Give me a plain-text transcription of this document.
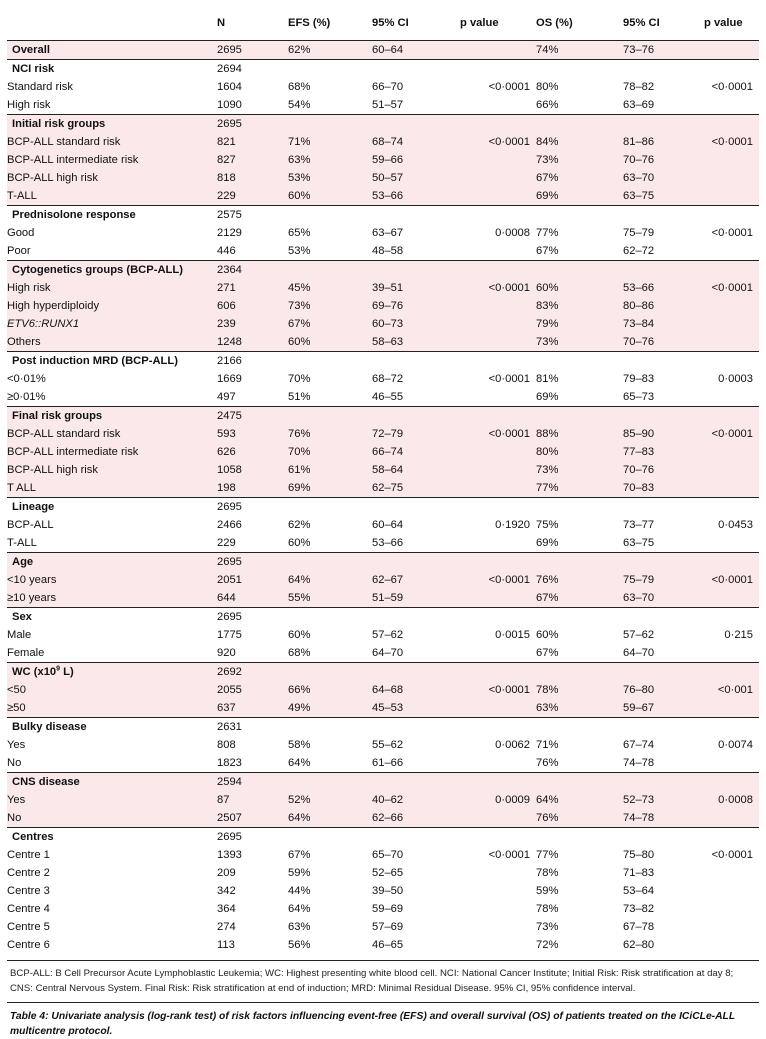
	N	EFS (%)	95% CI	p value	OS (%)	95% CI	p value
Overall	2695	62%	60–64		74%	73–76	
NCI risk	2694						
Standard risk	1604	68%	66–70	<0·0001	80%	78–82	<0·0001
High risk	1090	54%	51–57		66%	63–69	
Initial risk groups	2695						
BCP-ALL standard risk	821	71%	68–74	<0·0001	84%	81–86	<0·0001
BCP-ALL intermediate risk	827	63%	59–66		73%	70–76	
BCP-ALL high risk	818	53%	50–57		67%	63–70	
T-ALL	229	60%	53–66		69%	63–75	
Prednisolone response	2575						
Good	2129	65%	63–67	0·0008	77%	75–79	<0·0001
Poor	446	53%	48–58		67%	62–72	
Cytogenetics groups (BCP-ALL)	2364						
High risk	271	45%	39–51	<0·0001	60%	53–66	<0·0001
High hyperdiploidy	606	73%	69–76		83%	80–86	
ETV6::RUNX1	239	67%	60–73		79%	73–84	
Others	1248	60%	58–63		73%	70–76	
Post induction MRD (BCP-ALL)	2166						
<0·01%	1669	70%	68–72	<0·0001	81%	79–83	0·0003
≥0·01%	497	51%	46–55		69%	65–73	
Final risk groups	2475						
BCP-ALL standard risk	593	76%	72–79	<0·0001	88%	85–90	<0·0001
BCP-ALL intermediate risk	626	70%	66–74		80%	77–83	
BCP-ALL high risk	1058	61%	58–64		73%	70–76	
T ALL	198	69%	62–75		77%	70–83	
Lineage	2695						
BCP-ALL	2466	62%	60–64	0·1920	75%	73–77	0·0453
T-ALL	229	60%	53–66		69%	63–75	
Age	2695						
<10 years	2051	64%	62–67	<0·0001	76%	75–79	<0·0001
≥10 years	644	55%	51–59		67%	63–70	
Sex	2695						
Male	1775	60%	57–62	0·0015	60%	57–62	0·215
Female	920	68%	64–70		67%	64–70	
WC ($x10^9$ L)	2692						
<50	2055	66%	64–68	<0·0001	78%	76–80	<0·001
≥50	637	49%	45–53		63%	59–67	
Bulky disease	2631						
Yes	808	58%	55–62	0·0062	71%	67–74	0·0074
No	1823	64%	61–66		76%	74–78	
CNS disease	2594						
Yes	87	52%	40–62	0·0009	64%	52–73	0·0008
No	2507	64%	62–66		76%	74–78	
Centres	2695						
Centre 1	1393	67%	65–70	<0·0001	77%	75–80	<0·0001
Centre 2	209	59%	52–65		78%	71–83	
Centre 3	342	44%	39–50		59%	53–64	
Centre 4	364	64%	59–69		78%	73–82	
Centre 5	274	63%	57–69		73%	67–78	
Centre 6	113	56%	46–65		72%	62–80	
BCP-ALL: B Cell Precursor Acute Lymphoblastic Leukemia; WC: Highest presenting white blood cell. NCI: National Cancer Institute; Initial Risk: Risk stratification at day 8; CNS: Central Nervous System. Final Risk: Risk stratification at end of induction; MRD: Minimal Residual Disease. 95% CI, 95% confidence interval.
Table 4: Univariate analysis (log-rank test) of risk factors influencing event-free (EFS) and overall survival (OS) of patients treated on the ICiCLe-ALL multicentre protocol.
